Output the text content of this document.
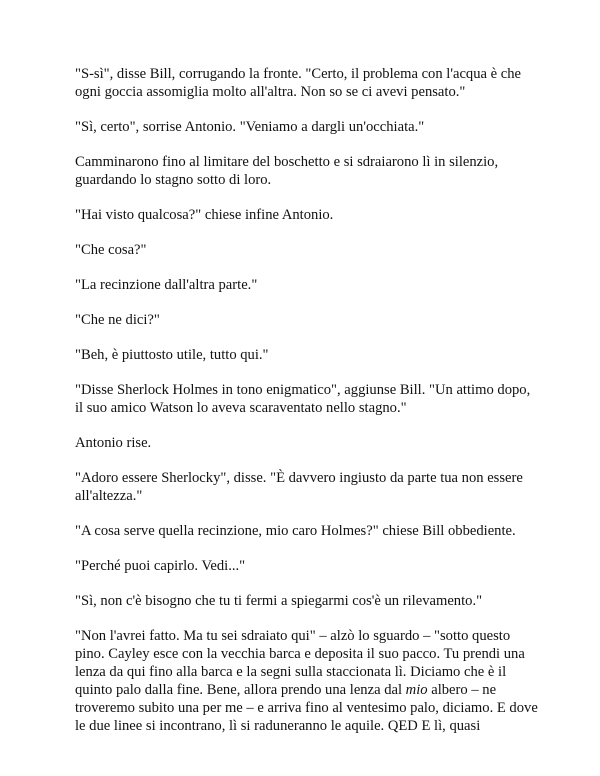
"S-sì", disse Bill, corrugando la fronte. "Certo, il problema con l'acqua è che ogni goccia assomiglia molto all'altra. Non so se ci avevi pensato."

"Sì, certo", sorrise Antonio. "Veniamo a dargli un'occhiata."

Camminarono fino al limitare del boschetto e si sdraiarono lì in silenzio, guardando lo stagno sotto di loro.

"Hai visto qualcosa?" chiese infine Antonio.

"Che cosa?"

"La recinzione dall'altra parte."

"Che ne dici?"

"Beh, è piuttosto utile, tutto qui."

"Disse Sherlock Holmes in tono enigmatico", aggiunse Bill. "Un attimo dopo, il suo amico Watson lo aveva scaraventato nello stagno."

Antonio rise.

"Adoro essere Sherlocky", disse. "È davvero ingiusto da parte tua non essere all'altezza."

"A cosa serve quella recinzione, mio caro Holmes?" chiese Bill obbediente.

"Perché puoi capirlo. Vedi..."

"Sì, non c'è bisogno che tu ti fermi a spiegarmi cos'è un rilevamento."

"Non l'avrei fatto. Ma tu sei sdraiato qui" – alzò lo sguardo – "sotto questo pino. Cayley esce con la vecchia barca e deposita il suo pacco. Tu prendi una lenza da qui fino alla barca e la segni sulla staccionata lì. Diciamo che è il quinto palo dalla fine. Bene, allora prendo una lenza dal mio albero – ne troveremo subito una per me – e arriva fino al ventesimo palo, diciamo. E dove le due linee si incontrano, lì si raduneranno le aquile. QED E lì, quasi
